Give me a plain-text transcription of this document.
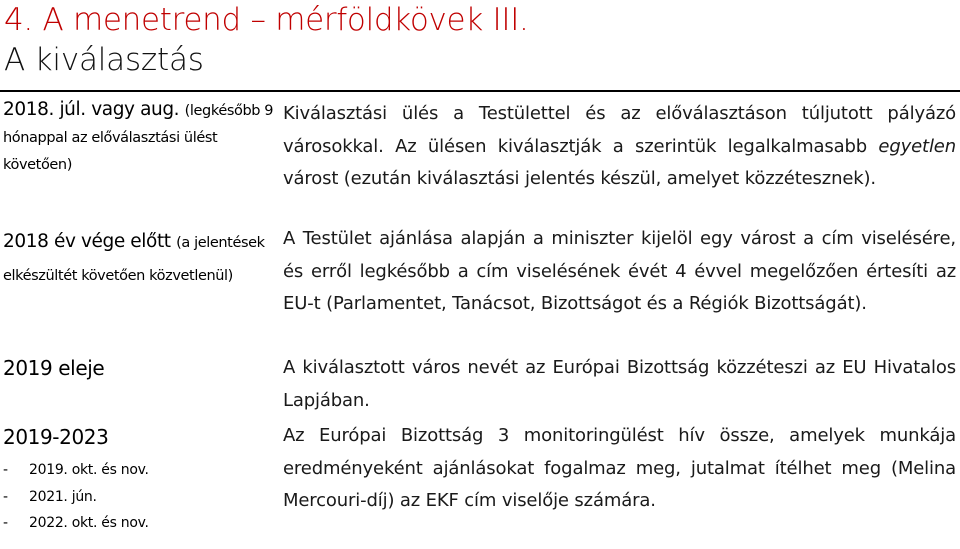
4. A menetrend – mérföldkövek III.
A kiválasztás
2018. júl. vagy aug. (legkésőbb 9 hónappal az előválasztási ülést követően)
Kiválasztási ülés a Testülettel és az előválasztáson túljutott pályázó városokkal. Az ülésen kiválasztják a szerintük legalkalmasabb egyetlen várost (ezután kiválasztási jelentés készül, amelyet közzétesznek).
2018 év vége előtt (a jelentések elkészültét követően közvetlenül)
A Testület ajánlása alapján a miniszter kijelöl egy várost a cím viselésére, és erről legkésőbb a cím viselésének évét 4 évvel megelőzően értesíti az EU-t (Parlamentet, Tanácsot, Bizottságot és a Régiók Bizottságát).
2019 eleje	A kiválasztott város nevét az Európai Bizottság közzéteszi az EU Hivatalos Lapjában.
2019-2023
- 2019. okt. és nov.
- 2021. jún.
- 2022. okt. és nov.
Az Európai Bizottság 3 monitoringülést hív össze, amelyek munkája eredményeként ajánlásokat fogalmaz meg, jutalmat ítélhet meg (Melina Mercouri-díj) az EKF cím viselője számára.
